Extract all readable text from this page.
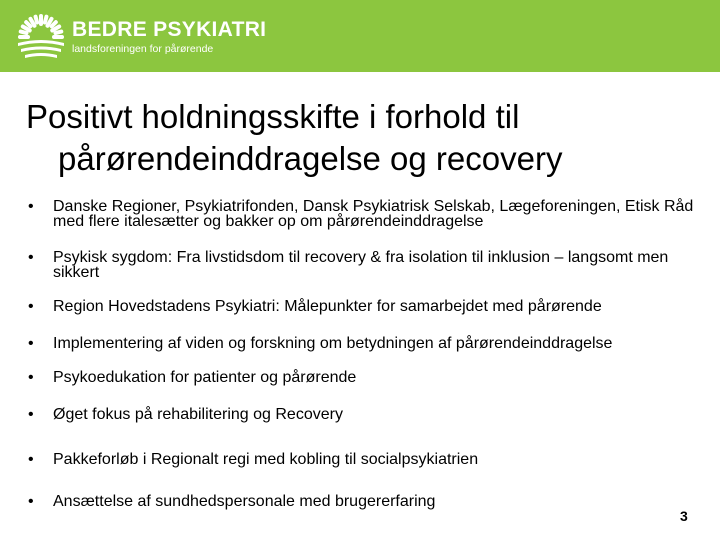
BEDRE PSYKIATRI
landsforeningen for pårørende
Positivt holdningsskifte i forhold til
pårørendeinddragelse og recovery
• Danske Regioner, Psykiatrifonden, Dansk Psykiatrisk Selskab, Lægeforeningen, Etisk Råd med flere italesætter og bakker op om pårørendeinddragelse
• Psykisk sygdom: Fra livstidsdom til recovery & fra isolation til inklusion – langsomt men sikkert
• Region Hovedstadens Psykiatri: Målepunkter for samarbejdet med pårørende
• Implementering af viden og forskning om betydningen af pårørendeinddragelse
• Psykoedukation for patienter og pårørende
• Øget fokus på rehabilitering og Recovery
• Pakkeforløb i Regionalt regi med kobling til socialpsykiatrien
• Ansættelse af sundhedspersonale med brugererfaring
3
